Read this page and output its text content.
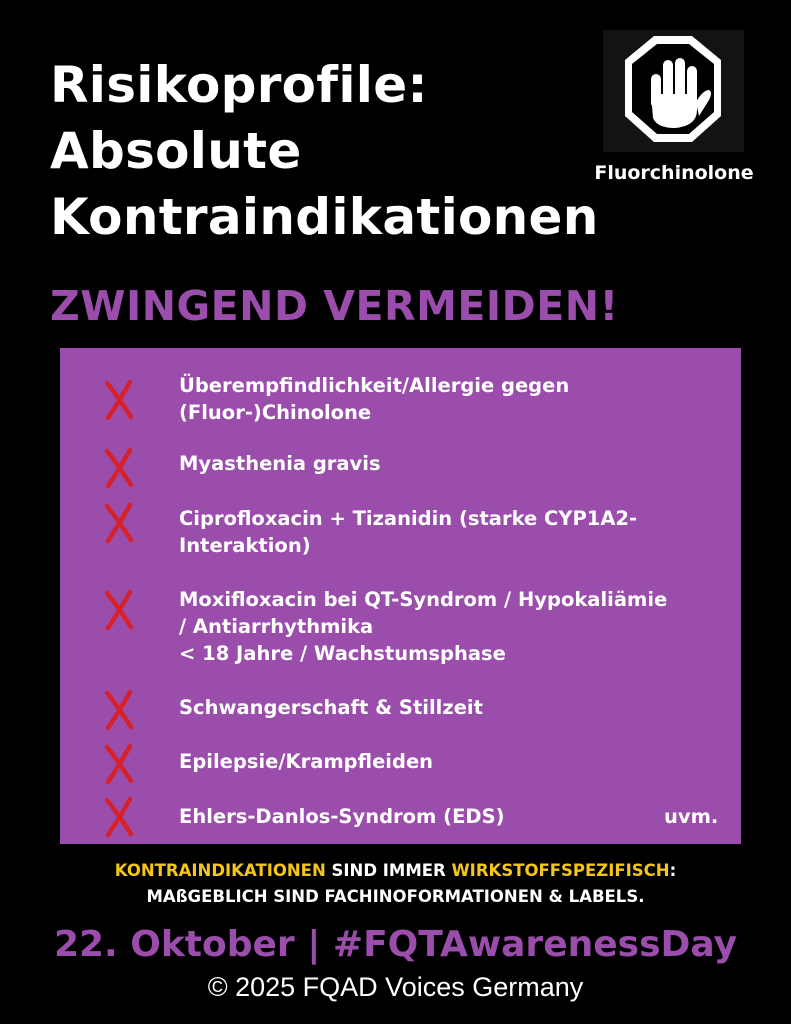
Risikoprofile:
Absolute
Kontraindikationen
ZWINGEND VERMEIDEN!
Fluorchinolone
Überempfindlichkeit/Allergie gegen
(Fluor-)Chinolone
Myasthenia gravis
Ciprofloxacin + Tizanidin (starke CYP1A2-
Interaktion)
Moxifloxacin bei QT-Syndrom / Hypokaliämie
/ Antiarrhythmika
< 18 Jahre / Wachstumsphase
Schwangerschaft & Stillzeit
Epilepsie/Krampfleiden
Ehlers-Danlos-Syndrom (EDS)	uvm.
KONTRAINDIKATIONEN SIND IMMER WIRKSTOFFSPEZIFISCH:
MAßGEBLICH SIND FACHINOFORMATIONEN & LABELS.
22. Oktober | #FQTAwarenessDay
© 2025 FQAD Voices Germany
